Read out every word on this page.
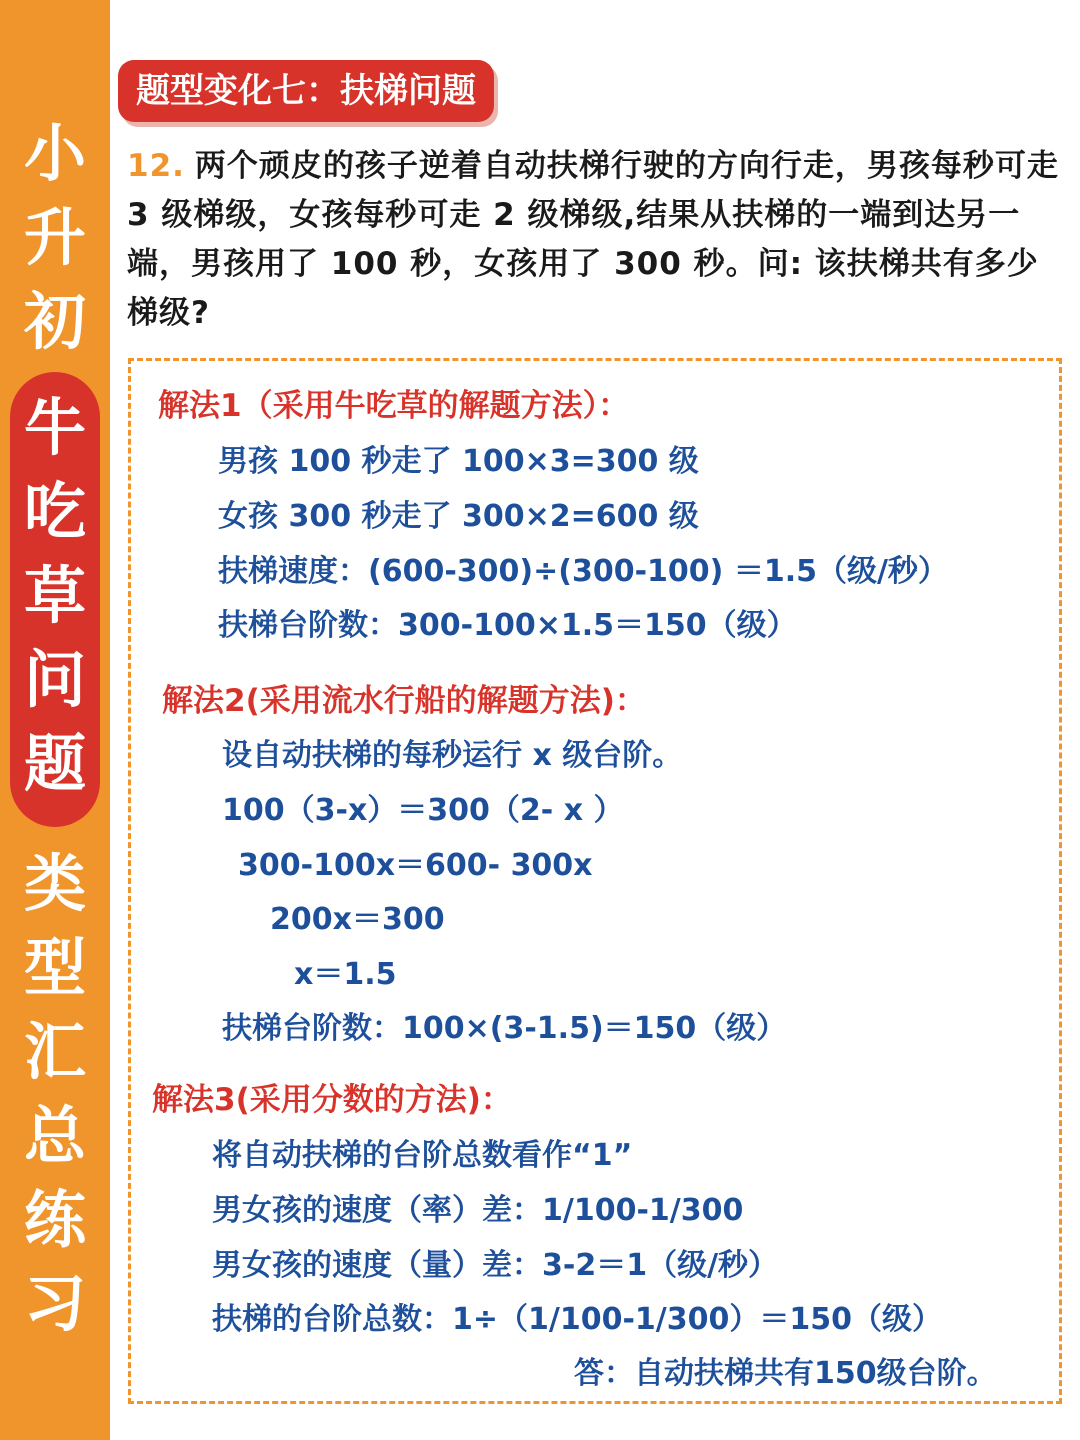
小
升
初
牛
吃
草
问
题
类
型
汇
总
练
习
题型变化七：扶梯问题
12. 两个顽皮的孩子逆着自动扶梯行驶的方向行走，男孩每秒可走 3 级梯级，女孩每秒可走 2 级梯级,结果从扶梯的一端到达另一端，男孩用了 100 秒，女孩用了 300 秒。问: 该扶梯共有多少梯级?
解法1（采用牛吃草的解题方法）：
男孩 100 秒走了 100×3=300 级
女孩 300 秒走了 300×2=600 级
扶梯速度：(600-300)÷(300-100) ＝1.5（级/秒）
扶梯台阶数：300-100×1.5＝150（级）
解法2(采用流水行船的解题方法)：
设自动扶梯的每秒运行 x 级台阶。
100（3-x）＝300（2- x ）
300-100x＝600- 300x
200x＝300
x＝1.5
扶梯台阶数：100×(3-1.5)＝150（级）
解法3(采用分数的方法)：
将自动扶梯的台阶总数看作“1”
男女孩的速度（率）差：1/100-1/300
男女孩的速度（量）差：3-2＝1（级/秒）
扶梯的台阶总数：1÷（1/100-1/300）＝150（级）
答：自动扶梯共有150级台阶。
